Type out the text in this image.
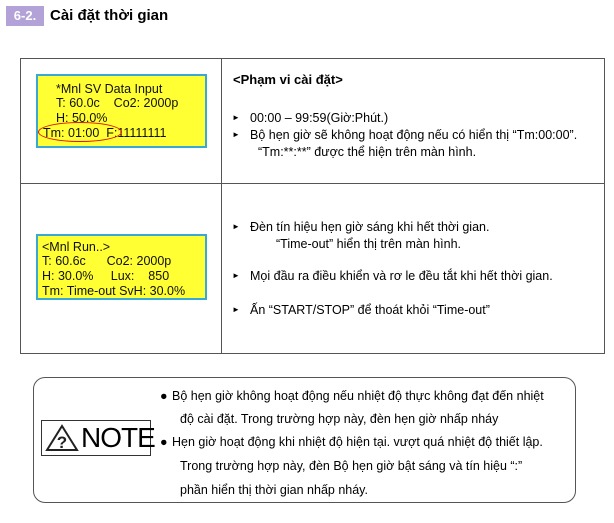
6-2. Cài đặt thời gian
*Mnl SV Data Input
T: 60.0c    Co2: 2000p
H: 50.0%
Tm: 01:00  F:11111111
<Phạm vi cài đặt>
► 00:00 – 99:59(Giờ:Phút.)
► Bộ hẹn giờ sẽ không hoạt động nếu có hiển thị “Tm:00:00”.
“Tm:**:**” được thể hiện trên màn hình.
<Mnl Run..>
T: 60.6c      Co2: 2000p
H: 30.0%     Lux:    850
Tm: Time-out SvH: 30.0%
► Đèn tín hiệu hẹn giờ sáng khi hết thời gian.
“Time-out” hiển thị trên màn hình.
► Mọi đầu ra điều khiển và rơ le đều tắt khi hết thời gian.
► Ấn “START/STOP” để thoát khỏi “Time-out”
? NOTE
● Bộ hẹn giờ không hoạt động nếu nhiệt độ thực không đạt đến nhiệt
độ cài đặt. Trong trường hợp này, đèn hẹn giờ nhấp nháy
● Hẹn giờ hoạt động khi nhiệt độ hiện tại. vượt quá nhiệt độ thiết lập.
Trong trường hợp này, đèn Bộ hẹn giờ bật sáng và tín hiệu “:”
phần hiển thị thời gian nhấp nháy.
